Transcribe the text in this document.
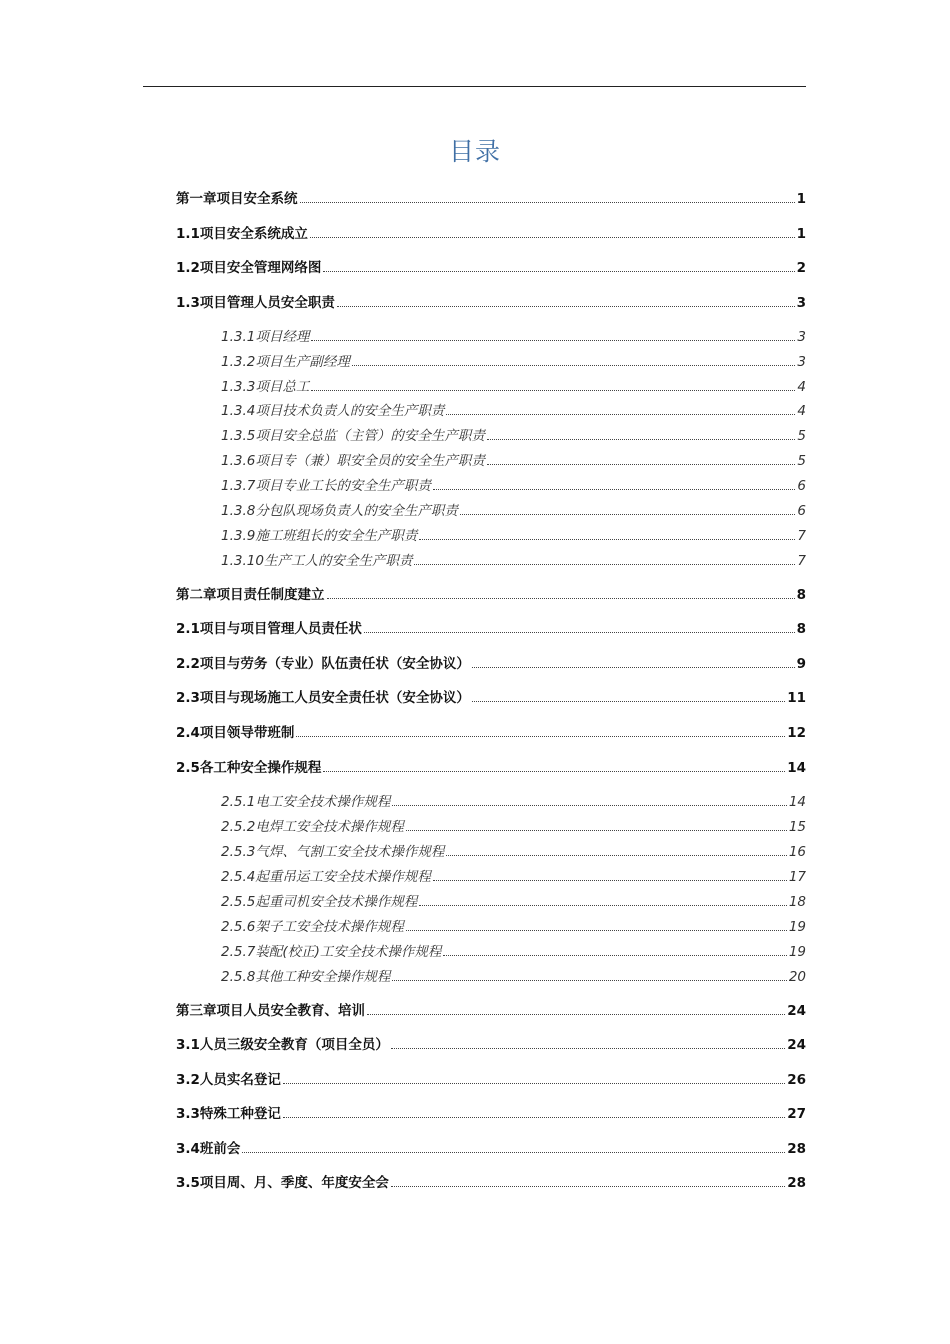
目录
第一章项目安全系统	1
1.1项目安全系统成立	1
1.2项目安全管理网络图	2
1.3项目管理人员安全职责	3
1.3.1项目经理	3
1.3.2项目生产副经理	3
1.3.3项目总工	4
1.3.4项目技术负责人的安全生产职责	4
1.3.5项目安全总监（主管）的安全生产职责	5
1.3.6项目专（兼）职安全员的安全生产职责	5
1.3.7项目专业工长的安全生产职责	6
1.3.8分包队现场负责人的安全生产职责	6
1.3.9施工班组长的安全生产职责	7
1.3.10生产工人的安全生产职责	7
第二章项目责任制度建立	8
2.1项目与项目管理人员责任状	8
2.2项目与劳务（专业）队伍责任状（安全协议）	9
2.3项目与现场施工人员安全责任状（安全协议）	11
2.4项目领导带班制	12
2.5各工种安全操作规程	14
2.5.1电工安全技术操作规程	14
2.5.2电焊工安全技术操作规程	15
2.5.3气焊、气割工安全技术操作规程	16
2.5.4起重吊运工安全技术操作规程	17
2.5.5起重司机安全技术操作规程	18
2.5.6架子工安全技术操作规程	19
2.5.7装配(校正)工安全技术操作规程	19
2.5.8其他工种安全操作规程	20
第三章项目人员安全教育、培训	24
3.1人员三级安全教育（项目全员）	24
3.2人员实名登记	26
3.3特殊工种登记	27
3.4班前会	28
3.5项目周、月、季度、年度安全会	28
